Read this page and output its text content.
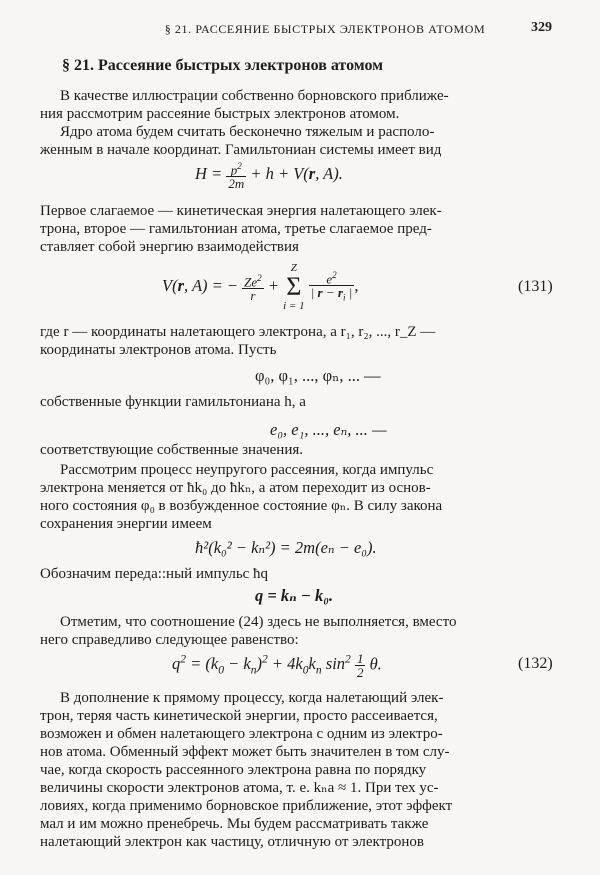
§ 21. РАССЕЯНИЕ БЫСТРЫХ ЭЛЕКТРОНОВ АТОМОМ	329
§ 21. Рассеяние быстрых электронов атомом
В качестве иллюстрации собственно борновского приближе-
ния рассмотрим рассеяние быстрых электронов атомом.
Ядро атома будем считать бесконечно тяжелым и располо-
женным в начале координат. Гамильтониан системы имеет вид
$H = \frac{p^2}{2m} + h + V(r$, A).
Первое слагаемое — кинетическая энергия налетающего элек-
трона, второе — гамильтониан атома, третье слагаемое пред-
ставляет собой энергию взаимодействия
V(r, A) = − $\frac{Ze^2}{r}$ +
Z
Σ
i = 1

$\frac{e^2}{| r - r_i |}$ ,	(131)
где r — координаты налетающего электрона, а r₁, r₂, ..., r_Z —
координаты электронов атома. Пусть
φ₀, φ₁, ..., φₙ, ... —
собственные функции гамильтониана h, а
e₀, e₁, ..., eₙ, ... —
соответствующие собственные значения.
Рассмотрим процесс неупругого рассеяния, когда импульс
электрона меняется от ħk₀ до ħkₙ, а атом переходит из основ-
ного состояния φ₀ в возбужденное состояние φₙ. В силу закона
сохранения энергии имеем
ħ²(k₀² − kₙ²) = 2m(eₙ − e₀).
Обозначим переда::ный импульс ħq
q = kₙ − k₀.
Отметим, что соотношение (24) здесь не выполняется, вместо
него справедливо следующее равенство:
$q^2 = (k_0 - k_n)^2 + 4k_0k_n$ $\sin^2 \frac{1}{2} \theta$.	(132)
В дополнение к прямому процессу, когда налетающий элек-
трон, теряя часть кинетической энергии, просто рассеивается,
возможен и обмен налетающего электрона с одним из электро-
нов атома. Обменный эффект может быть значителен в том слу-
чае, когда скорость рассеянного электрона равна по порядку
величины скорости электронов атома, т. е. kₙa ≈ 1. При тех ус-
ловиях, когда применимо борновское приближение, этот эффект
мал и им можно пренебречь. Мы будем рассматривать также
налетающий электрон как частицу, отличную от электронов
